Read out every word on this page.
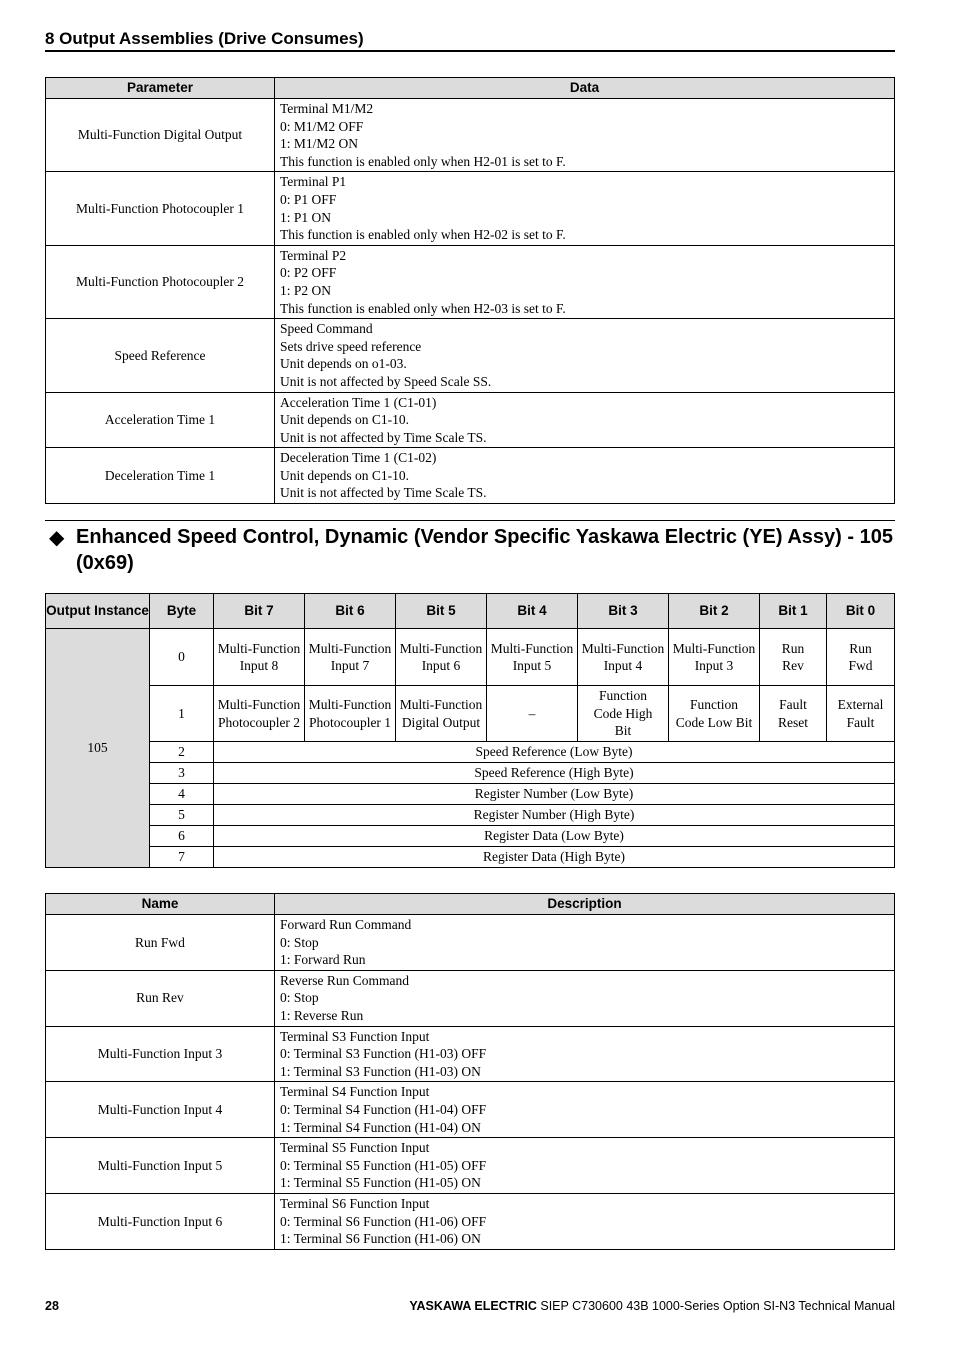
8 Output Assemblies (Drive Consumes)
Parameter	Data
Multi-Function Digital Output	Terminal M1/M2
0: M1/M2 OFF
1: M1/M2 ON
This function is enabled only when H2-01 is set to F.

Multi-Function Photocoupler 1	Terminal P1
0: P1 OFF
1: P1 ON
This function is enabled only when H2-02 is set to F.

Multi-Function Photocoupler 2	Terminal P2
0: P2 OFF
1: P2 ON
This function is enabled only when H2-03 is set to F.

Speed Reference	Speed Command
Sets drive speed reference
Unit depends on o1-03.
Unit is not affected by Speed Scale SS.

Acceleration Time 1	Acceleration Time 1 (C1-01)
Unit depends on C1-10.
Unit is not affected by Time Scale TS.

Deceleration Time 1	Deceleration Time 1 (C1-02)
Unit depends on C1-10.
Unit is not affected by Time Scale TS.
◆ Enhanced Speed Control, Dynamic (Vendor Specific Yaskawa Electric (YE) Assy) - 105 (0x69)
Output Instance	Byte	Bit 7	Bit 6	Bit 5	Bit 4	Bit 3	Bit 2	Bit 1	Bit 0
105	0	Multi-Function Input 8	Multi-Function Input 7	Multi-Function Input 6	Multi-Function Input 5	Multi-Function Input 4	Multi-Function Input 3	Run Rev	Run Fwd
	1	Multi-Function Photocoupler 2	Multi-Function Photocoupler 1	Multi-Function Digital Output	–	Function Code High Bit	Function Code Low Bit	Fault Reset	External Fault
	2	Speed Reference (Low Byte)							
	3	Speed Reference (High Byte)							
	4	Register Number (Low Byte)							
	5	Register Number (High Byte)							
	6	Register Data (Low Byte)							
	7	Register Data (High Byte)							
Name	Description
Run Fwd	Forward Run Command
0: Stop
1: Forward Run

Run Rev	Reverse Run Command
0: Stop
1: Reverse Run

Multi-Function Input 3	Terminal S3 Function Input
0: Terminal S3 Function (H1-03) OFF
1: Terminal S3 Function (H1-03) ON

Multi-Function Input 4	Terminal S4 Function Input
0: Terminal S4 Function (H1-04) OFF
1: Terminal S4 Function (H1-04) ON

Multi-Function Input 5	Terminal S5 Function Input
0: Terminal S5 Function (H1-05) OFF
1: Terminal S5 Function (H1-05) ON

Multi-Function Input 6	Terminal S6 Function Input
0: Terminal S6 Function (H1-06) OFF
1: Terminal S6 Function (H1-06) ON
28	YASKAWA ELECTRIC SIEP C730600 43B 1000-Series Option SI-N3 Technical Manual
